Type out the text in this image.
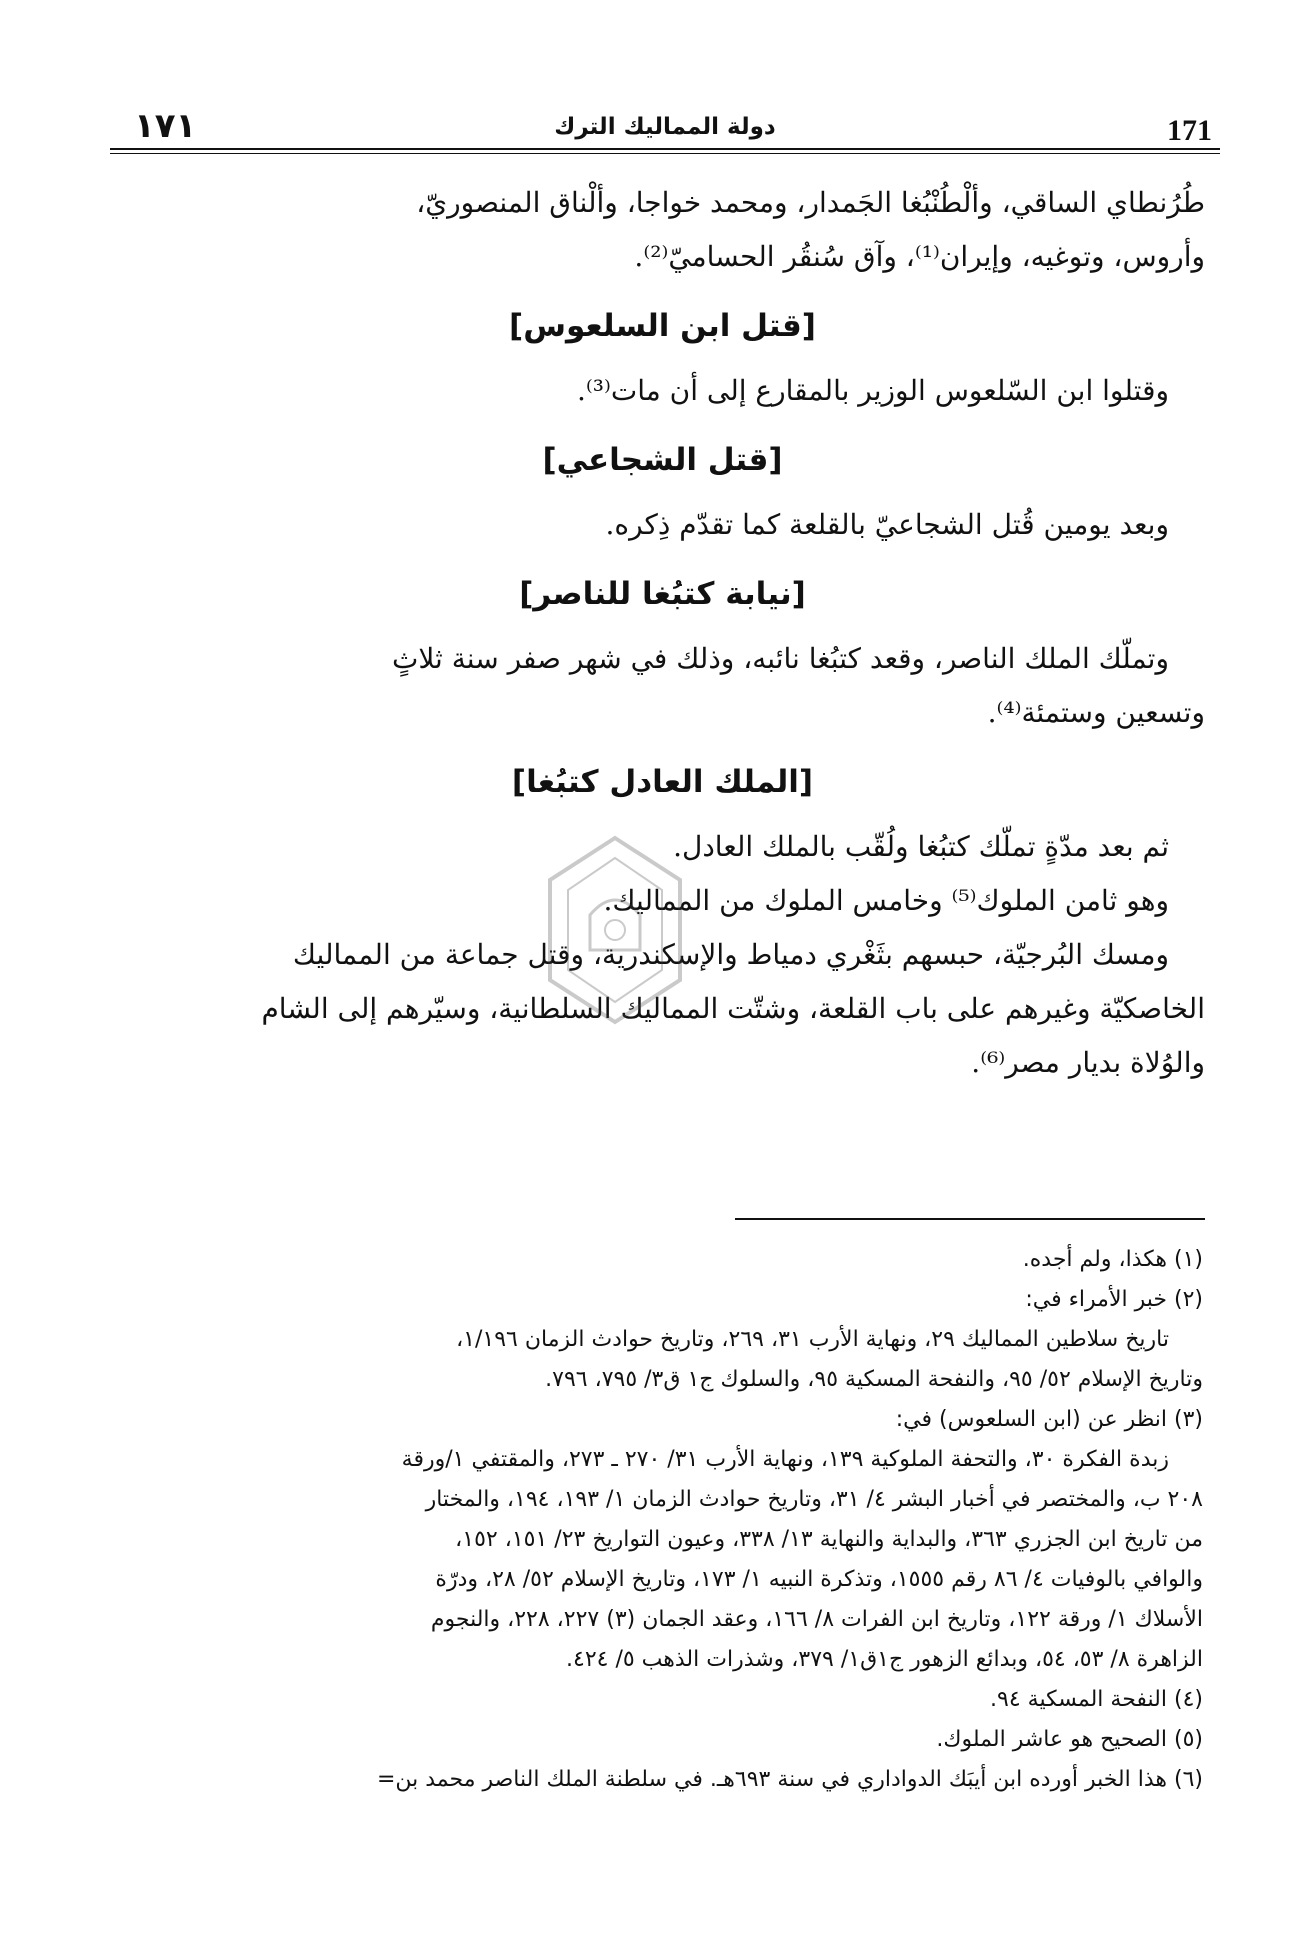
١٧١	دولة المماليك الترك	171
طُرُنطاي الساقي، وألْطُنْبُغا الجَمدار، ومحمد خواجا، وألْناق المنصوريّ،
وأروس، وتوغيه، وإيران⁽¹⁾، وآق سُنقُر الحساميّ⁽²⁾.
[قتل ابن السلعوس]
وقتلوا ابن السّلعوس الوزير بالمقارع إلى أن مات⁽³⁾.
[قتل الشجاعي]
وبعد يومين قُتل الشجاعيّ بالقلعة كما تقدّم ذِكره.
[نيابة كتبُغا للناصر]
وتملّك الملك الناصر، وقعد كتبُغا نائبه، وذلك في شهر صفر سنة ثلاثٍ
وتسعين وستمئة⁽⁴⁾.
[الملك العادل كتبُغا]
ثم بعد مدّةٍ تملّك كتبُغا ولُقّب بالملك العادل.
وهو ثامن الملوك⁽⁵⁾ وخامس الملوك من المماليك.
ومسك البُرجيّة، حبسهم بثَغْري دمياط والإسكندرية، وقتل جماعة من المماليك
الخاصكيّة وغيرهم على باب القلعة، وشتّت المماليك السلطانية، وسيّرهم إلى الشام
والوُلاة بديار مصر⁽⁶⁾.
(١) هكذا، ولم أجده.
(٢) خبر الأمراء في:
تاريخ سلاطين المماليك ٢٩، ونهاية الأرب ٣١، ٢٦٩، وتاريخ حوادث الزمان ١/١٩٦،
وتاريخ الإسلام ٥٢/ ٩٥، والنفحة المسكية ٩٥، والسلوك ج١ ق٣/ ٧٩٥، ٧٩٦.
(٣) انظر عن (ابن السلعوس) في:
زبدة الفكرة ٣٠، والتحفة الملوكية ١٣٩، ونهاية الأرب ٣١/ ٢٧٠ ـ ٢٧٣، والمقتفي ١/ورقة
٢٠٨ ب، والمختصر في أخبار البشر ٤/ ٣١، وتاريخ حوادث الزمان ١/ ١٩٣، ١٩٤، والمختار
من تاريخ ابن الجزري ٣٦٣، والبداية والنهاية ١٣/ ٣٣٨، وعيون التواريخ ٢٣/ ١٥١، ١٥٢،
والوافي بالوفيات ٤/ ٨٦ رقم ١٥٥٥، وتذكرة النبيه ١/ ١٧٣، وتاريخ الإسلام ٥٢/ ٢٨، ودرّة
الأسلاك ١/ ورقة ١٢٢، وتاريخ ابن الفرات ٨/ ١٦٦، وعقد الجمان (٣) ٢٢٧، ٢٢٨، والنجوم
الزاهرة ٨/ ٥٣، ٥٤، وبدائع الزهور ج١ق١/ ٣٧٩، وشذرات الذهب ٥/ ٤٢٤.
(٤) النفحة المسكية ٩٤.
(٥) الصحيح هو عاشر الملوك.
(٦) هذا الخبر أورده ابن أيبَك الدواداري في سنة ٦٩٣هـ. في سلطنة الملك الناصر محمد بن=
